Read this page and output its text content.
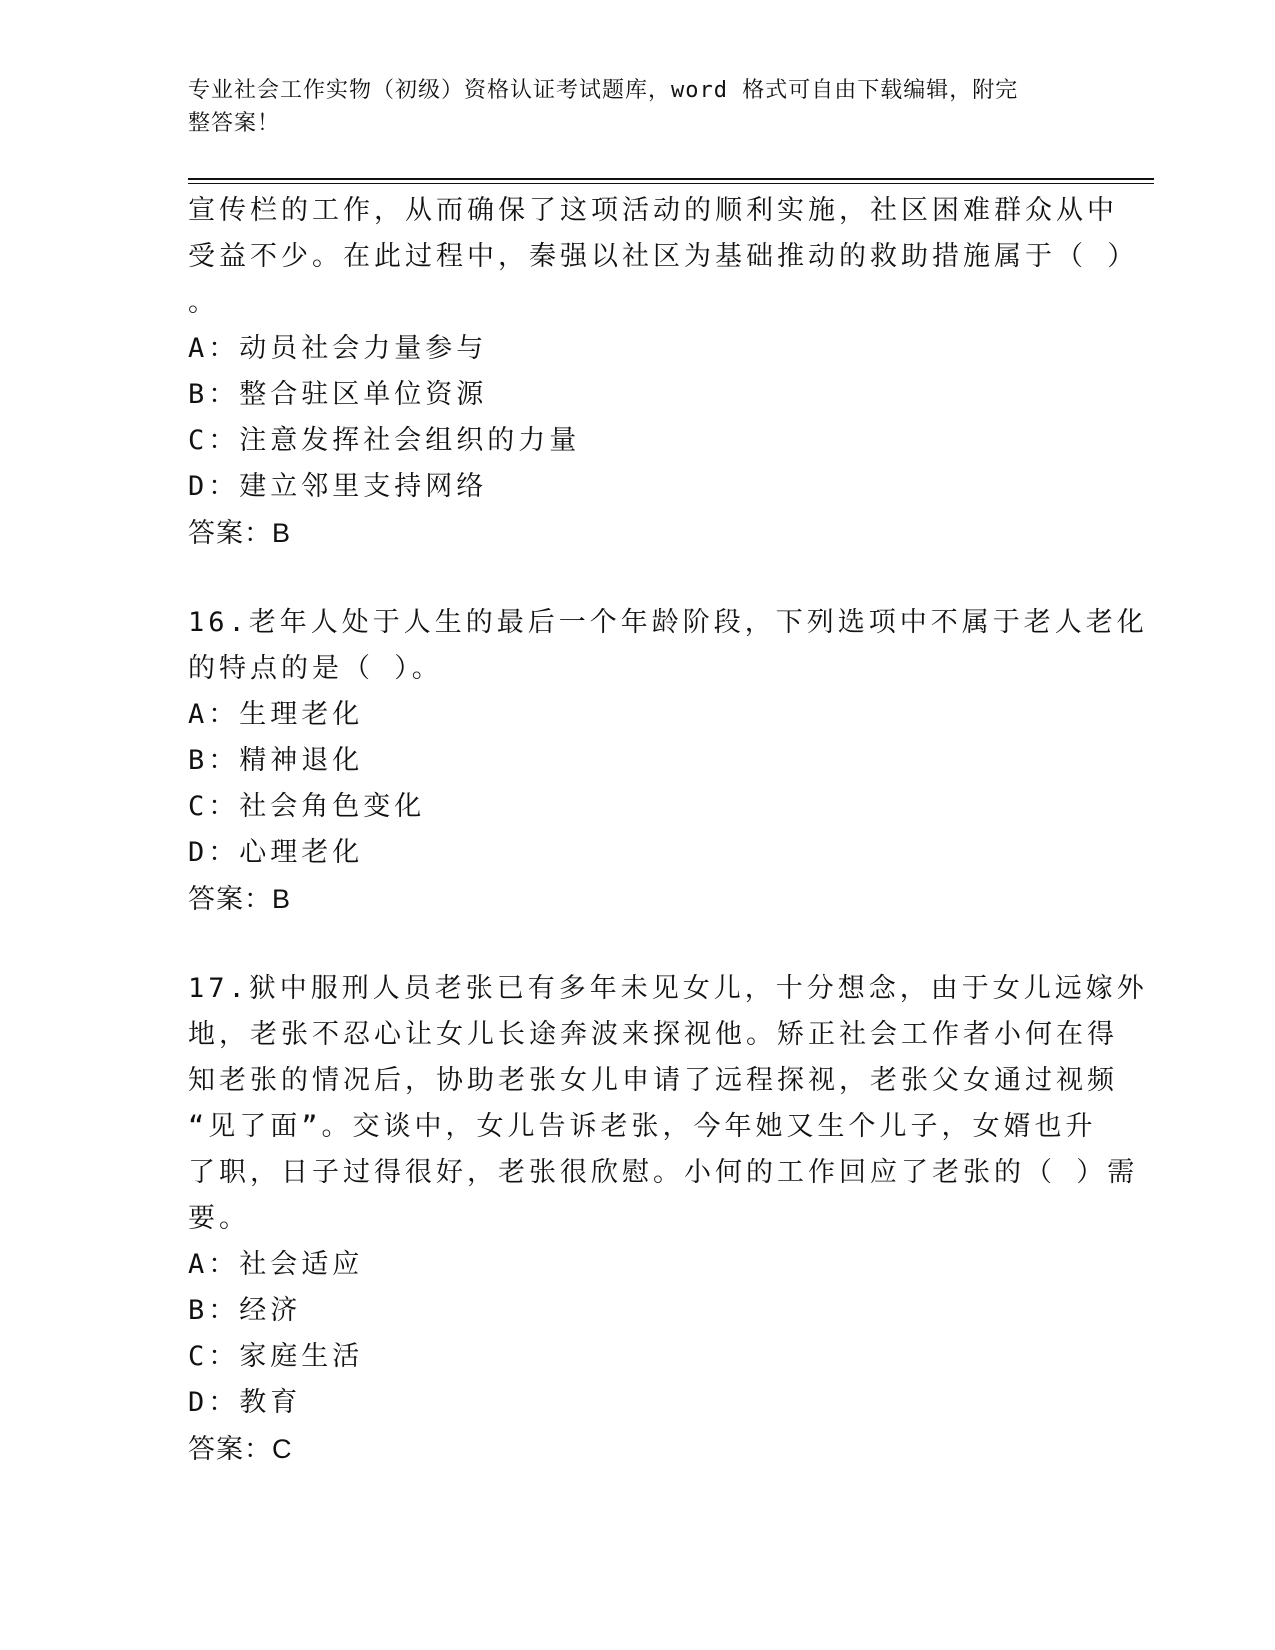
专业社会工作实物（初级）资格认证考试题库，word 格式可自由下载编辑，附完
整答案！
宣传栏的工作，从而确保了这项活动的顺利实施，社区困难群众从中
受益不少。在此过程中，秦强以社区为基础推动的救助措施属于（ ）
。
A：动员社会力量参与
B：整合驻区单位资源
C：注意发挥社会组织的力量
D：建立邻里支持网络
答案：B
16.老年人处于人生的最后一个年龄阶段，下列选项中不属于老人老化
的特点的是（ ）。
A：生理老化
B：精神退化
C：社会角色变化
D：心理老化
答案：B
17.狱中服刑人员老张已有多年未见女儿，十分想念，由于女儿远嫁外
地，老张不忍心让女儿长途奔波来探视他。矫正社会工作者小何在得
知老张的情况后，协助老张女儿申请了远程探视，老张父女通过视频
“见了面”。交谈中，女儿告诉老张，今年她又生个儿子，女婿也升
了职，日子过得很好，老张很欣慰。小何的工作回应了老张的（ ）需
要。
A：社会适应
B：经济
C：家庭生活
D：教育
答案：C
